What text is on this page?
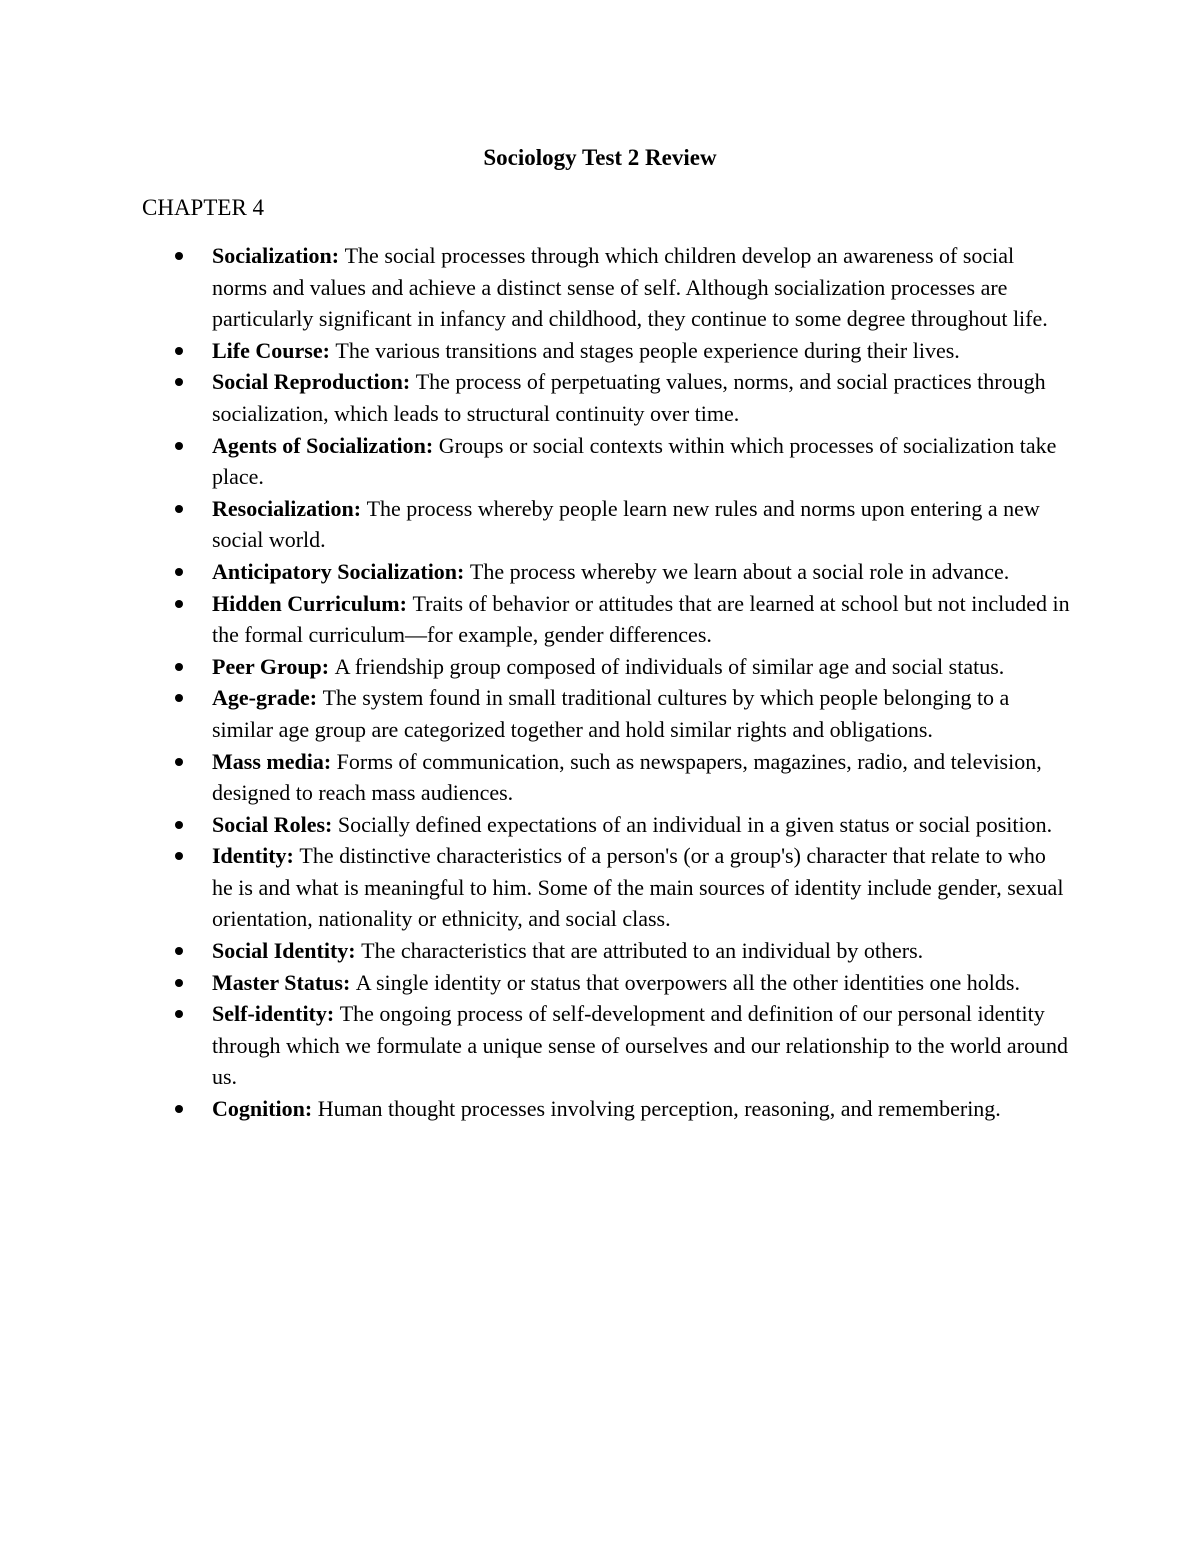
Sociology Test 2 Review
CHAPTER 4
Socialization: The social processes through which children develop an awareness of social norms and values and achieve a distinct sense of self. Although socialization processes are particularly significant in infancy and childhood, they continue to some degree throughout life.
Life Course: The various transitions and stages people experience during their lives.
Social Reproduction: The process of perpetuating values, norms, and social practices through socialization, which leads to structural continuity over time.
Agents of Socialization: Groups or social contexts within which processes of socialization take place.
Resocialization: The process whereby people learn new rules and norms upon entering a new social world.
Anticipatory Socialization: The process whereby we learn about a social role in advance.
Hidden Curriculum: Traits of behavior or attitudes that are learned at school but not included in the formal curriculum—for example, gender differences.
Peer Group: A friendship group composed of individuals of similar age and social status.
Age-grade: The system found in small traditional cultures by which people belonging to a similar age group are categorized together and hold similar rights and obligations.
Mass media: Forms of communication, such as newspapers, magazines, radio, and television, designed to reach mass audiences.
Social Roles: Socially defined expectations of an individual in a given status or social position.
Identity: The distinctive characteristics of a person's (or a group's) character that relate to who he is and what is meaningful to him. Some of the main sources of identity include gender, sexual orientation, nationality or ethnicity, and social class.
Social Identity: The characteristics that are attributed to an individual by others.
Master Status: A single identity or status that overpowers all the other identities one holds.
Self-identity: The ongoing process of self-development and definition of our personal identity through which we formulate a unique sense of ourselves and our relationship to the world around us.
Cognition: Human thought processes involving perception, reasoning, and remembering.
